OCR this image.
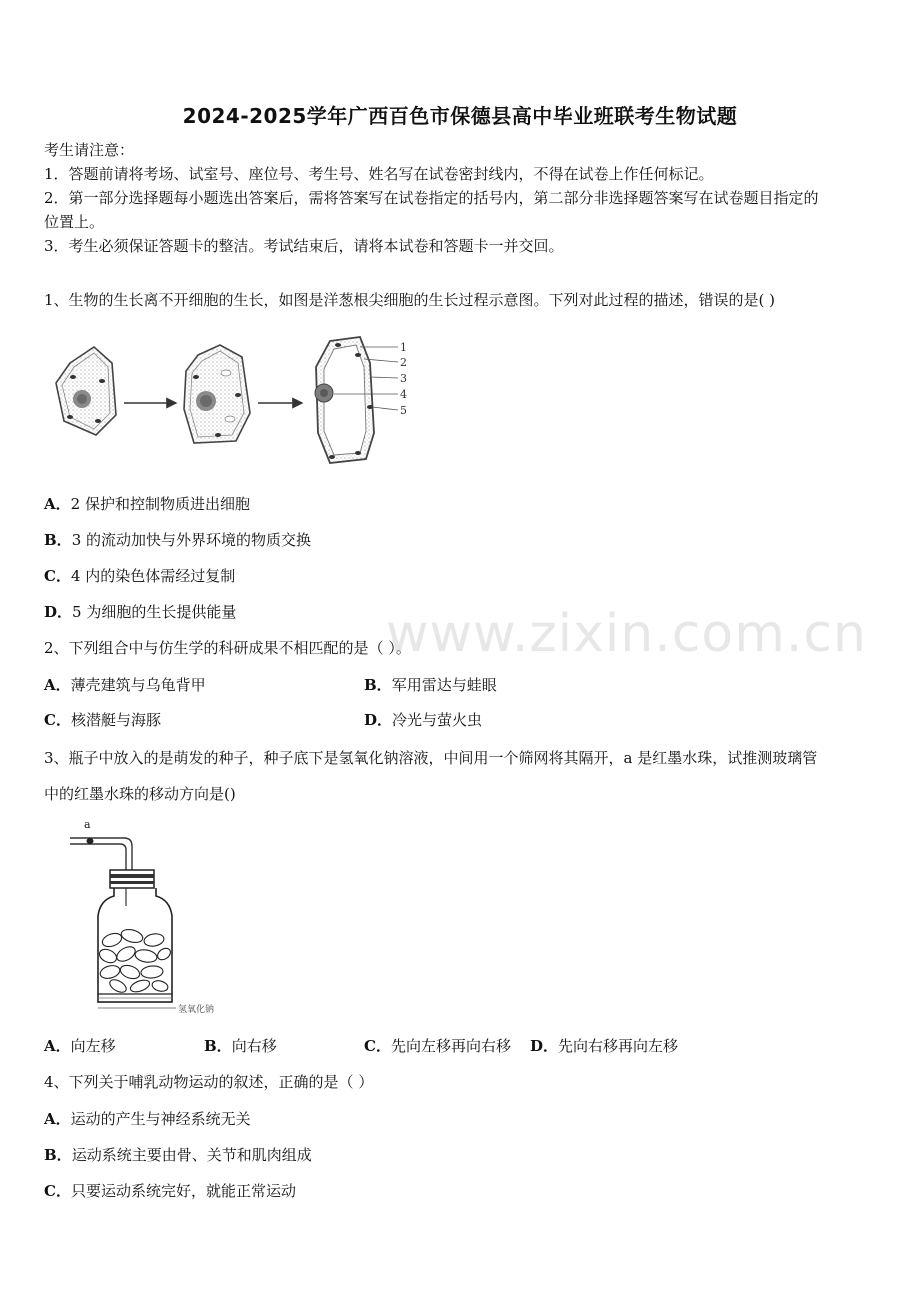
2024-2025学年广西百色市保德县高中毕业班联考生物试题
考生请注意：
1．答题前请将考场、试室号、座位号、考生号、姓名写在试卷密封线内，不得在试卷上作任何标记。
2．第一部分选择题每小题选出答案后，需将答案写在试卷指定的括号内，第二部分非选择题答案写在试卷题目指定的
位置上。
3．考生必须保证答题卡的整洁。考试结束后，请将本试卷和答题卡一并交回。
1、生物的生长离不开细胞的生长，如图是洋葱根尖细胞的生长过程示意图。下列对此过程的描述，错误的是( )
1
2
3
4
5
A．2 保护和控制物质进出细胞
B．3 的流动加快与外界环境的物质交换
C．4 内的染色体需经过复制
D．5 为细胞的生长提供能量	www.zixin.com.cn
2、下列组合中与仿生学的科研成果不相匹配的是（ ）。
A．薄壳建筑与乌龟背甲	B．军用雷达与蛙眼
C．核潜艇与海豚	D．冷光与萤火虫
3、瓶子中放入的是萌发的种子，种子底下是氢氧化钠溶液，中间用一个筛网将其隔开，a 是红墨水珠，试推测玻璃管
中的红墨水珠的移动方向是()
a
氢氧化钠
A．向左移	B．向右移	C．先向左移再向右移 D．先向右移再向左移
4、下列关于哺乳动物运动的叙述，正确的是（ ）
A．运动的产生与神经系统无关
B．运动系统主要由骨、关节和肌肉组成
C．只要运动系统完好，就能正常运动
